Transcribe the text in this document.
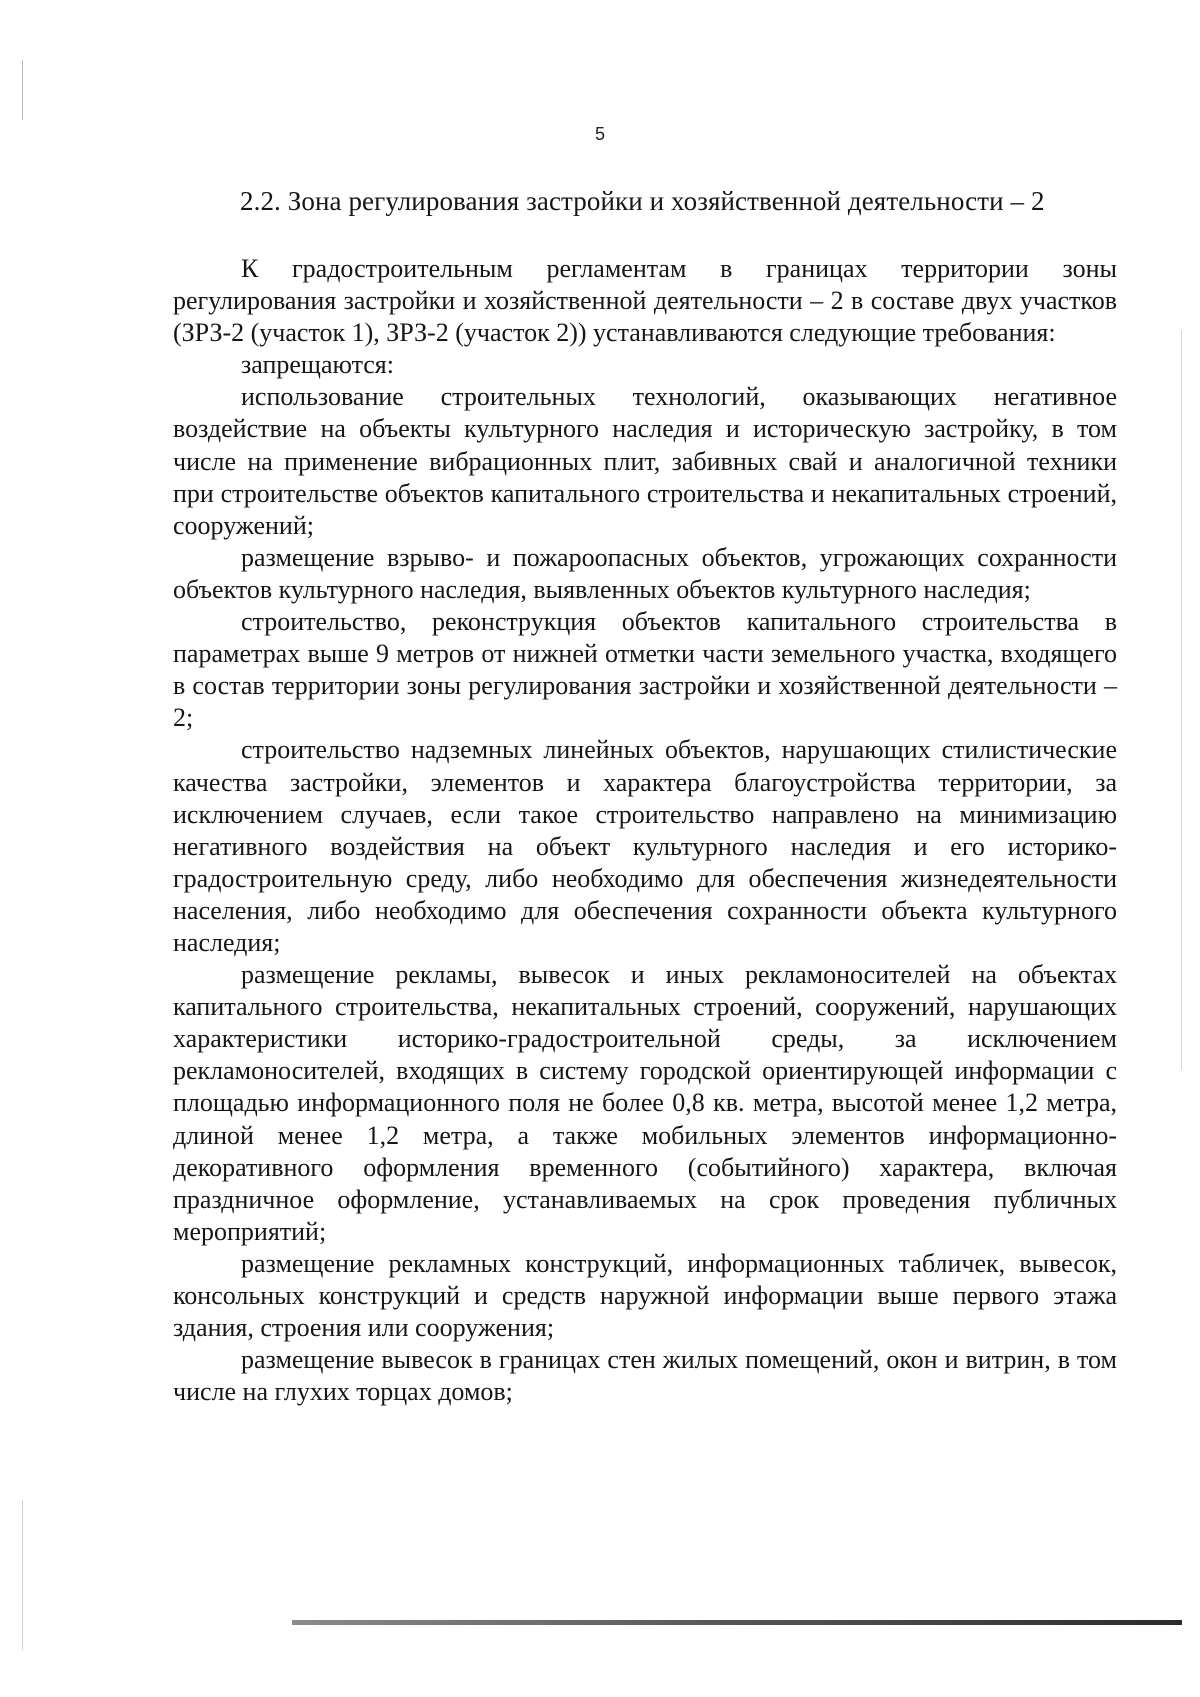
5
2.2. Зона регулирования застройки и хозяйственной деятельности – 2

К градостроительным регламентам в границах территории зоны регулирования застройки и хозяйственной деятельности – 2 в составе двух участков (ЗРЗ-2 (участок 1), ЗРЗ-2 (участок 2)) устанавливаются следующие требования:

запрещаются:

использование строительных технологий, оказывающих негативное воздействие на объекты культурного наследия и историческую застройку, в том числе на применение вибрационных плит, забивных свай и аналогичной техники при строительстве объектов капитального строительства и некапитальных строений, сооружений;

размещение взрыво- и пожароопасных объектов, угрожающих сохранности объектов культурного наследия, выявленных объектов культурного наследия;

строительство, реконструкция объектов капитального строительства в параметрах выше 9 метров от нижней отметки части земельного участка, входящего в состав территории зоны регулирования застройки и хозяйственной деятельности – 2;

строительство надземных линейных объектов, нарушающих стилистические качества застройки, элементов и характера благоустройства территории, за исключением случаев, если такое строительство направлено на минимизацию негативного воздействия на объект культурного наследия и его историко-градостроительную среду, либо необходимо для обеспечения жизнедеятельности населения, либо необходимо для обеспечения сохранности объекта культурного наследия;

размещение рекламы, вывесок и иных рекламоносителей на объектах капитального строительства, некапитальных строений, сооружений, нарушающих характеристики историко-градостроительной среды, за исключением рекламоносителей, входящих в систему городской ориентирующей информации с площадью информационного поля не более 0,8 кв. метра, высотой менее 1,2 метра, длиной менее 1,2 метра, а также мобильных элементов информационно-декоративного оформления временного (событийного) характера, включая праздничное оформление, устанавливаемых на срок проведения публичных мероприятий;

размещение рекламных конструкций, информационных табличек, вывесок, консольных конструкций и средств наружной информации выше первого этажа здания, строения или сооружения;

размещение вывесок в границах стен жилых помещений, окон и витрин, в том числе на глухих торцах домов;
